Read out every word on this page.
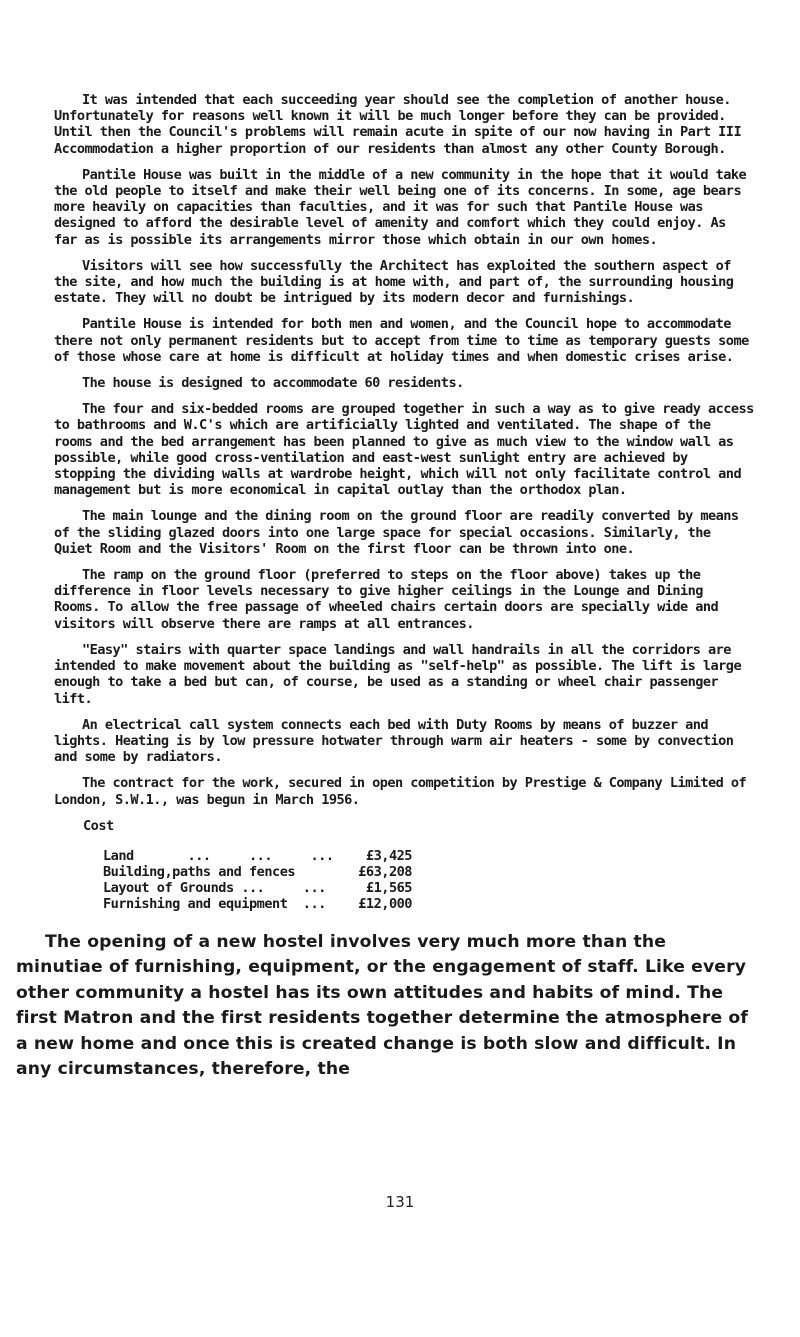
It was intended that each succeeding year should see the completion of another house. Unfortunately for reasons well known it will be much longer before they can be provided. Until then the Council's problems will remain acute in spite of our now having in Part III Accommodation a higher proportion of our residents than almost any other County Borough.

Pantile House was built in the middle of a new community in the hope that it would take the old people to itself and make their well being one of its concerns. In some, age bears more heavily on capacities than faculties, and it was for such that Pantile House was designed to afford the desirable level of amenity and comfort which they could enjoy. As far as is possible its arrangements mirror those which obtain in our own homes.

Visitors will see how successfully the Architect has exploited the southern aspect of the site, and how much the building is at home with, and part of, the surrounding housing estate. They will no doubt be intrigued by its modern decor and furnishings.

Pantile House is intended for both men and women, and the Council hope to accommodate there not only permanent residents but to accept from time to time as temporary guests some of those whose care at home is difficult at holiday times and when domestic crises arise.

The house is designed to accommodate 60 residents.

The four and six-bedded rooms are grouped together in such a way as to give ready access to bathrooms and W.C's which are artificially lighted and ventilated. The shape of the rooms and the bed arrangement has been planned to give as much view to the window wall as possible, while good cross-ventilation and east-west sunlight entry are achieved by stopping the dividing walls at wardrobe height, which will not only facilitate control and management but is more economical in capital outlay than the orthodox plan.

The main lounge and the dining room on the ground floor are readily converted by means of the sliding glazed doors into one large space for special occasions. Similarly, the Quiet Room and the Visitors' Room on the first floor can be thrown into one.

The ramp on the ground floor (preferred to steps on the floor above) takes up the difference in floor levels necessary to give higher ceilings in the Lounge and Dining Rooms. To allow the free passage of wheeled chairs certain doors are specially wide and visitors will observe there are ramps at all entrances.

"Easy" stairs with quarter space landings and wall handrails in all the corridors are intended to make movement about the building as "self-help" as possible. The lift is large enough to take a bed but can, of course, be used as a standing or wheel chair passenger lift.

An electrical call system connects each bed with Duty Rooms by means of buzzer and lights. Heating is by low pressure hotwater through warm air heaters - some by convection and some by radiators.

The contract for the work, secured in open competition by Prestige & Company Limited of London, S.W.1., was begun in March 1956.

Cost
Land       ...     ...     ...	£3,425
Building,paths and fences	£63,208
Layout of Grounds ...     ...	£1,565
Furnishing and equipment  ...	£12,000

The opening of a new hostel involves very much more than the minutiae of furnishing, equipment, or the engagement of staff. Like every other community a hostel has its own attitudes and habits of mind. The first Matron and the first residents together determine the atmosphere of a new home and once this is created change is both slow and difficult. In any circumstances, therefore, the

131
